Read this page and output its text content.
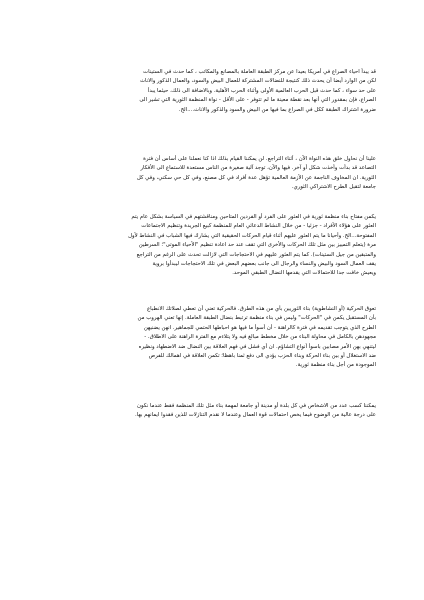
قد يبدأ احياء الصراع في أمريكا بعيدا عن مركز الطبقة العاملة بالمصانع والمكاتب ، كما حدث في الستينات
لكن من الوارد أيضا أن يحدث ذلك كنتيجة للنضالات المشتركة للعمال البيض والسود، والعمال الذكور والاناث
على حد سواء ، كما حدث قبل الحرب العالمية الأولى وأثناء الحرب الأهلية. وبالاضافة الى ذلك، حيثما يبدأ
الصراع، فإن بمقدور التي أنها بعد نقطة معينة ما لم تتوفر - على الأقل - نواة المنظمة الثورية التي تشير الى
ضرورة اشتراك الطبقة ككل في الصراع بما فيها من البيض والسود والذكور والاناث....الخ.
علينا أن نحاول خلق هذه النواة الآن ، أثناء التراجع. لن يمكننا القيام بذلك اذا كنا نعملنا على أساس أن فترة
التصاعد قد بدأت وأخذت شكل أو آخر. فيها والآن، توجد آلية صغيرة من الناس مستعدة للاستماع الى الأفكار
الثورية. ان المخاوف الناجمة عن الأزمة العالمية تؤهل عدة أفراد في كل مصنع، وفي كل حي سكني، وفي كل
جامعة لتقبل الطرح الاشتراكي الثوري.
يكمن مفتاح بناء منظمة ثورية في العثور على الفرد أو الفردين المتاحين ومناقشتهم في السياسة بشكل عام يتم
العثور على هؤلاء الأفراد - جزئيا - من خلال النشاط الدعائي العام للمنظمة كبيع الجريدة وتنظيم الاجتماعات
المفتوحة...الخ. وأحيانا ما يتم العثور عليهم أثناء قيام الحركات الحقيقية التي يشارك فيها الشباب في النشاط لأول
مرة (يتعلم التمييز بين مثل تلك الحركات والأخرى التي تقف عند حد اعادة تنظيم "الأحياء الموتى"؛ السرطين
والمتبقين من جيل الستينات). كما يتم العثور عليهم في الاحتجاجات التي لازالت تحدث على الرغم من التراجع
يقف العمال السود والبيض والنساء والرجال الى جانب بعضهم البعض في تلك الاحتجاجات ليبدأوا بروية
ويعيش خافت جدا للاحتمالات التي يقدمها النضال الطبقي الموحد.
تعوق الحركية (أو النشاطوية) بناء الثوريين بأي من هذه الطرق. فالحركية تعني أن تعطي لصلاتك الانطباع
بأن المستقبل يكمن في "الحركات" وليس في بناء منظمة ترتبط بنضال الطبقة العاملة. إنها تعني الهروب من
الطرح الذي يتوجب تقديمه في فترة كالراهنة - أن أسوأ ما فيها هو احباطها الحتمي للجماهير. انهن يضنيهن
مجهودهن بالكامل في محاولة البناء من خلال مخطط مبالغ فيه ولا يتلاءم مع الفترة الراهنة على الاطلاق. -
ليتنهي بهن الأمر مصابين باسوأ أنواع التشاؤم. ان أي فشل في فهم العلاقة بين النضال ضد الاضطهاد ونظيره
ضد الاستغلال أو بين بناء الحركة وبناء الحزب يؤدي الى دفع ثمنا باهظا؛ تكمن العلاقة في اهمالك للفرص
الموجودة من أجل بناء منظمة ثورية.
يمكننا كسب عدد من الاشخاص في كل بلدة أو مدينة أو جامعة لمهمة بناء مثل تلك المنظمة فقط عندما نكون
على درجة عالية من الوضوح فيما يخص احتمالات قوة العمال وعندما لا نقدم التنازلات للذين فقدوا ايمانهم بها.
